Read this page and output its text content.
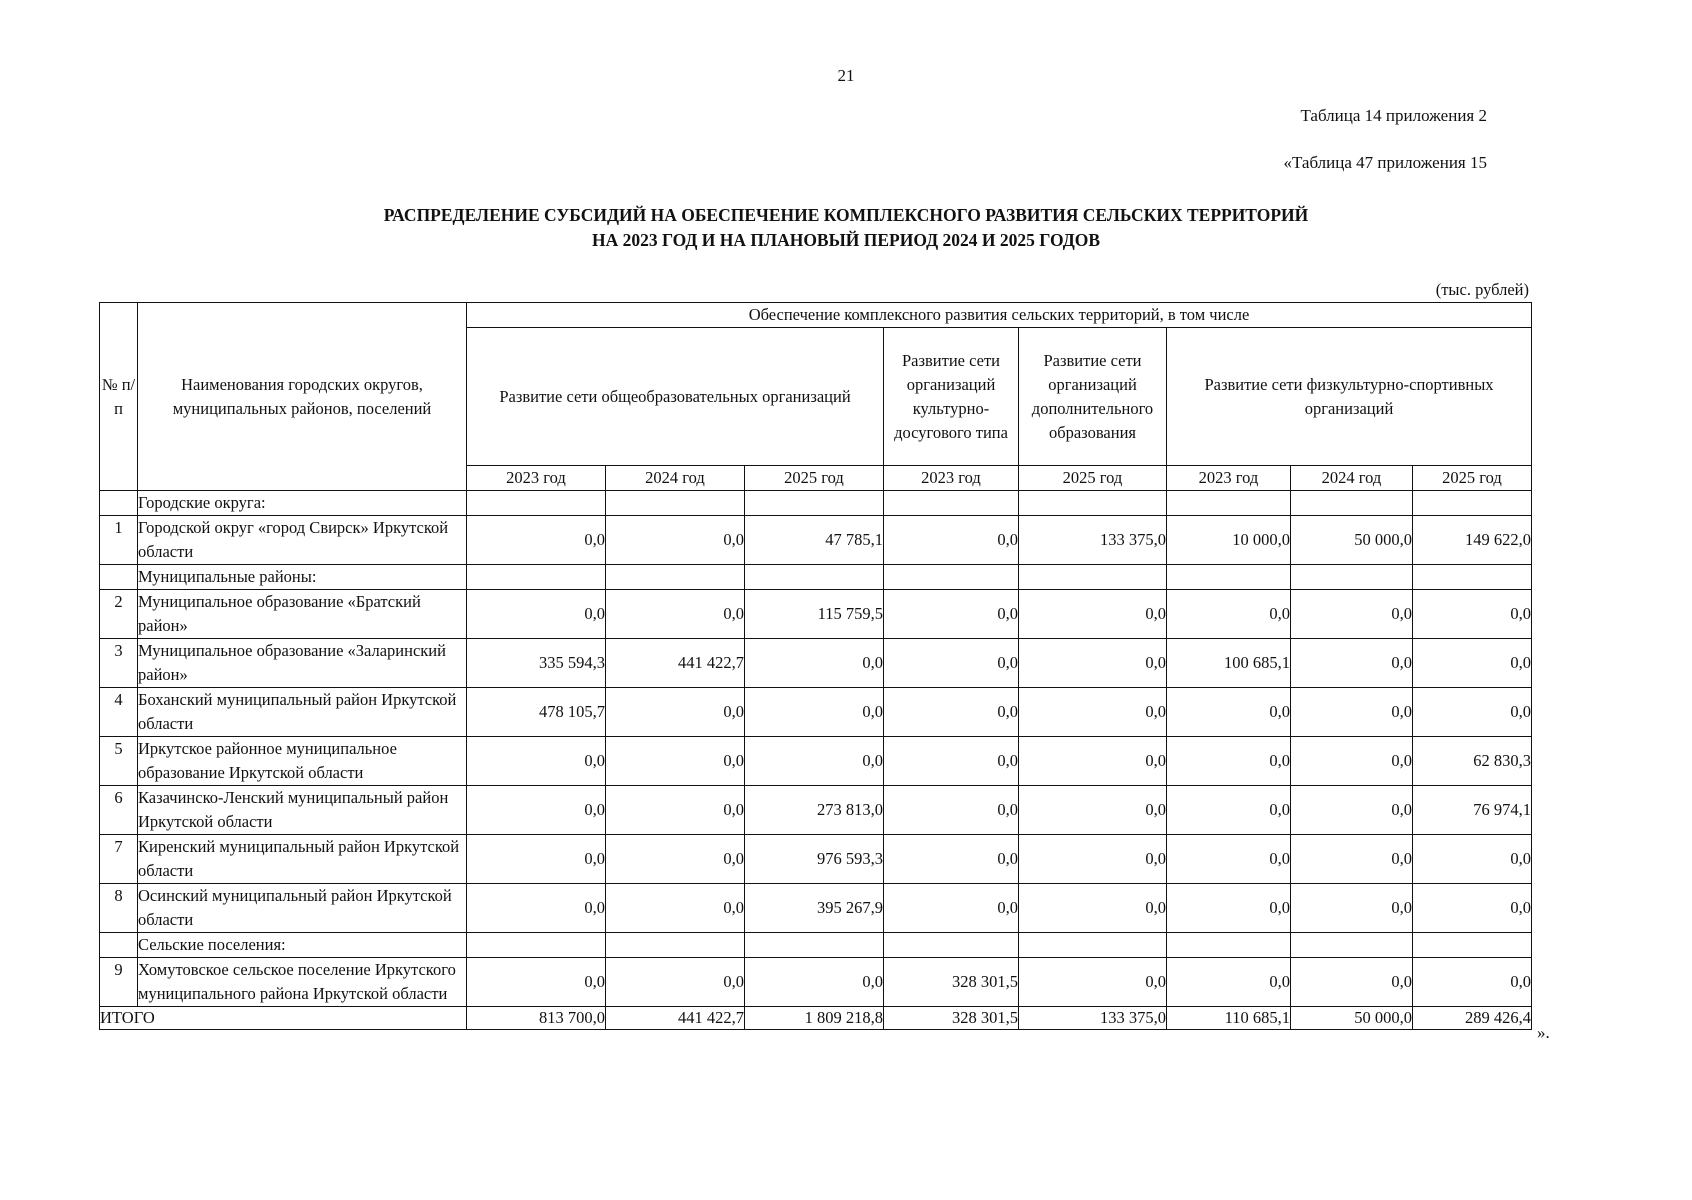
21
Таблица 14 приложения 2
«Таблица 47 приложения 15
РАСПРЕДЕЛЕНИЕ СУБСИДИЙ НА ОБЕСПЕЧЕНИЕ КОМПЛЕКСНОГО РАЗВИТИЯ СЕЛЬСКИХ ТЕРРИТОРИЙ
НА 2023 ГОД И НА ПЛАНОВЫЙ ПЕРИОД 2024 И 2025 ГОДОВ
(тыс. рублей)
№ п/п	Наименования городских округов, муниципальных районов, поселений	Обеспечение комплексного развития сельских территорий, в том числе							
		Развитие сети общеобразовательных организаций			Развитие сети организаций культурно-досугового типа	Развитие сети организаций дополнительного образования	Развитие сети физкультурно-спортивных организаций		
		2023 год	2024 год	2025 год	2023 год	2025 год	2023 год	2024 год	2025 год
	Городские округа:								
1	Городской округ «город Свирск» Иркутской области	0,0	0,0	47 785,1	0,0	133 375,0	10 000,0	50 000,0	149 622,0
	Муниципальные районы:								
2	Муниципальное образование «Братский район»	0,0	0,0	115 759,5	0,0	0,0	0,0	0,0	0,0
3	Муниципальное образование «Заларинский район»	335 594,3	441 422,7	0,0	0,0	0,0	100 685,1	0,0	0,0
4	Боханский муниципальный район Иркутской области	478 105,7	0,0	0,0	0,0	0,0	0,0	0,0	0,0
5	Иркутское районное муниципальное образование Иркутской области	0,0	0,0	0,0	0,0	0,0	0,0	0,0	62 830,3
6	Казачинско-Ленский муниципальный район Иркутской области	0,0	0,0	273 813,0	0,0	0,0	0,0	0,0	76 974,1
7	Киренский муниципальный район Иркутской области	0,0	0,0	976 593,3	0,0	0,0	0,0	0,0	0,0
8	Осинский муниципальный район Иркутской области	0,0	0,0	395 267,9	0,0	0,0	0,0	0,0	0,0
	Сельские поселения:								
9	Хомутовское сельское поселение Иркутского муниципального района Иркутской области	0,0	0,0	0,0	328 301,5	0,0	0,0	0,0	0,0
ИТОГО		813 700,0	441 422,7	1 809 218,8	328 301,5	133 375,0	110 685,1	50 000,0	289 426,4
».
